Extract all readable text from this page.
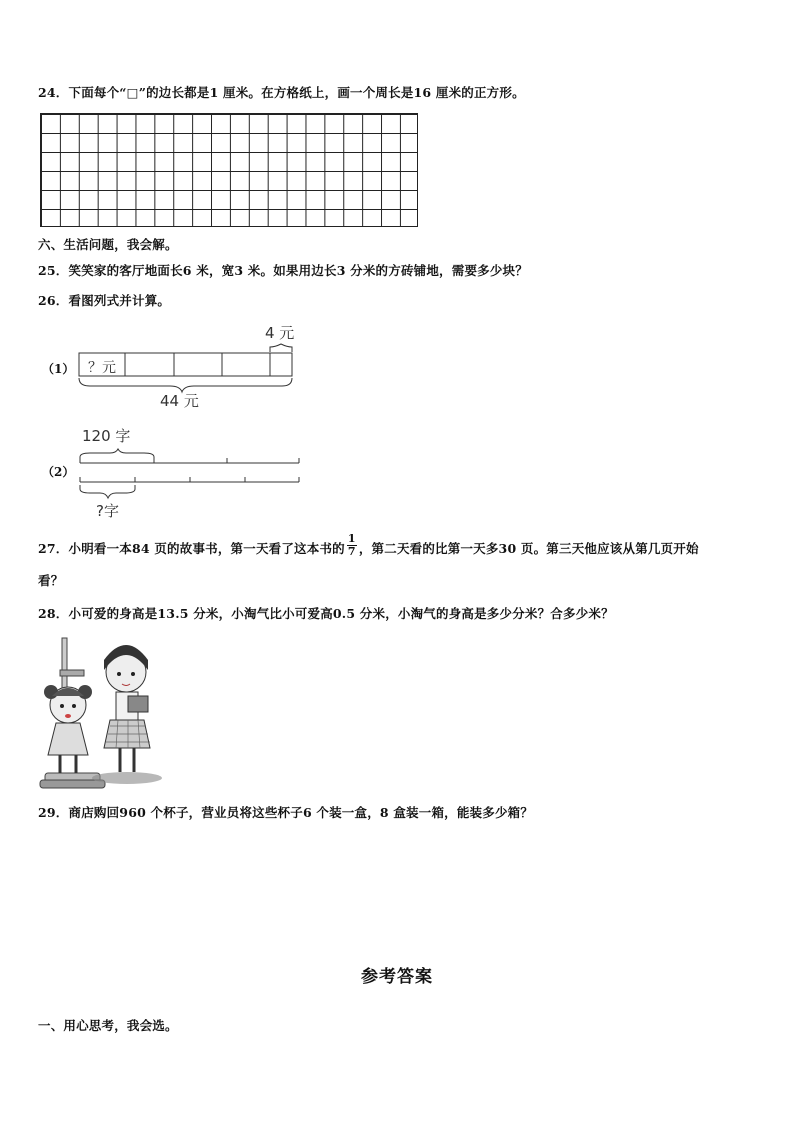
24．下面每个“□”的边长都是1 厘米。在方格纸上，画一个周长是16 厘米的正方形。
六、生活问题，我会解。
25．笑笑家的客厅地面长6 米，宽3 米。如果用边长3 分米的方砖铺地，需要多少块？
26．看图列式并计算。
（1）
4 元
？元
44 元
（2）
120 字
?字
27．小明看一本84 页的故事书，第一天看了这本书的 $\frac{1}{7}$ ，第二天看的比第一天多30 页。第三天他应该从第几页开始
看？
28．小可爱的身高是13.5 分米，小淘气比小可爱高0.5 分米，小淘气的身高是多少分米？合多少米？
29．商店购回960 个杯子，营业员将这些杯子6 个装一盒，8 盒装一箱，能装多少箱？
参考答案
一、用心思考，我会选。
